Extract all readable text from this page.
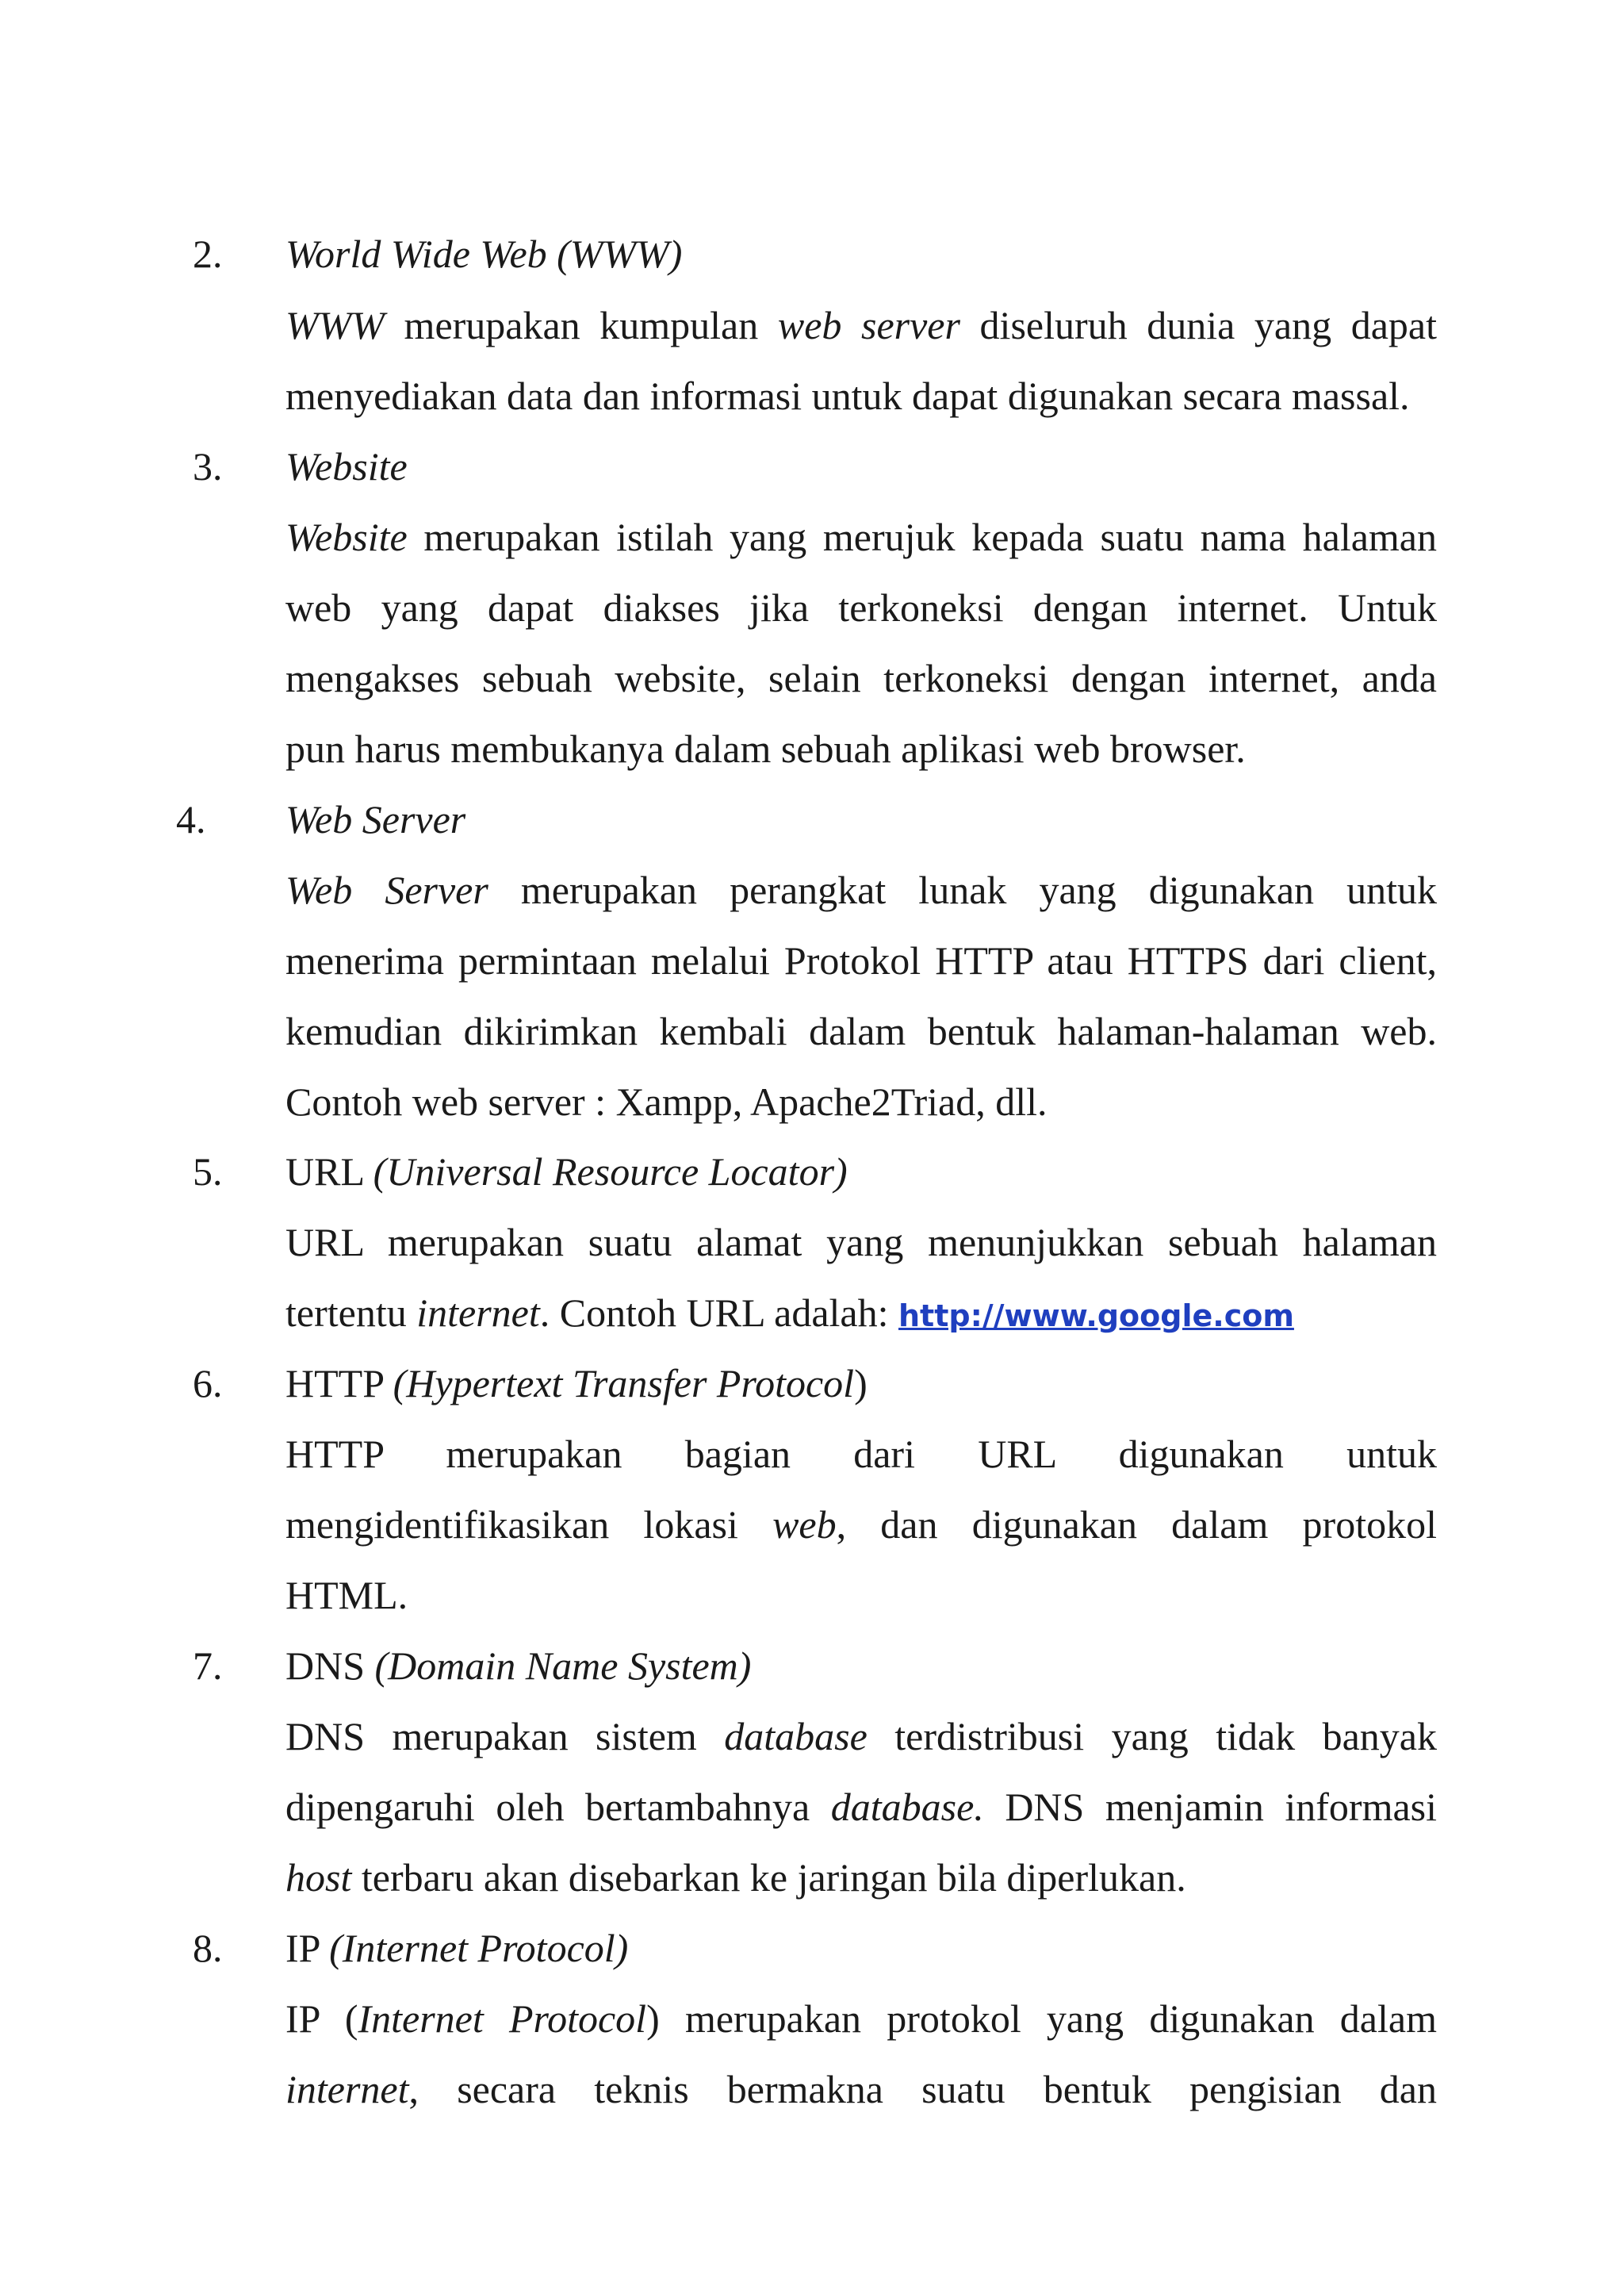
2. World Wide Web (WWW)
WWW merupakan kumpulan web server diseluruh dunia yang dapat
menyediakan data dan informasi untuk dapat digunakan secara massal.
3. Website
Website merupakan istilah yang merujuk kepada suatu nama halaman
web yang dapat diakses jika terkoneksi dengan internet. Untuk
mengakses sebuah website, selain terkoneksi dengan internet, anda
pun harus membukanya dalam sebuah aplikasi web browser.
4. Web Server
Web Server merupakan perangkat lunak yang digunakan untuk
menerima permintaan melalui Protokol HTTP atau HTTPS dari client,
kemudian dikirimkan kembali dalam bentuk halaman-halaman web.
Contoh web server : Xampp, Apache2Triad, dll.
5. URL (Universal Resource Locator)
URL merupakan suatu alamat yang menunjukkan sebuah halaman
tertentu internet. Contoh URL adalah: http://www.google.com
6. HTTP (Hypertext Transfer Protocol)
HTTP merupakan bagian dari URL digunakan untuk
mengidentifikasikan lokasi web, dan digunakan dalam protokol
HTML.
7. DNS (Domain Name System)
DNS merupakan sistem database terdistribusi yang tidak banyak
dipengaruhi oleh bertambahnya database. DNS menjamin informasi
host terbaru akan disebarkan ke jaringan bila diperlukan.
8. IP (Internet Protocol)
IP (Internet Protocol) merupakan protokol yang digunakan dalam
internet, secara teknis bermakna suatu bentuk pengisian dan
